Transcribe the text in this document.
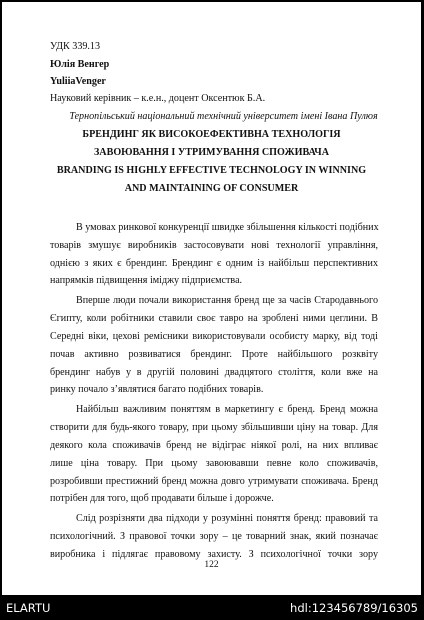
УДК 339.13
Юлія Венгер
YuliiaVenger
Науковий керівник – к.е.н., доцент Оксентюк Б.А.
Тернопільський національний технічний університет імені Івана Пулюя
БРЕНДИНГ ЯК ВИСОКОЕФЕКТИВНА ТЕХНОЛОГІЯ
ЗАВОЮВАННЯ І УТРИМУВАННЯ СПОЖИВАЧА
BRANDING IS HIGHLY EFFECTIVE TECHNOLOGY IN WINNING
AND MAINTAINING OF CONSUMER
В умовах ринкової конкуренції швидке збільшення кількості подібних
товарів змушує виробників застосовувати нові технології управління,
однією з яких є брендинг. Брендинг є одним із найбільш перспективних
напрямків підвищення іміджу підприємства.
Вперше люди почали використання бренд ще за часів Стародавнього
Єгипту, коли робітники ставили своє тавро на зроблені ними цеглини. В
Середні віки, цехові ремісники використовували особисту марку, від тоді
почав активно розвиватися брендинг. Проте найбільшого розквіту
брендинг набув у в другій половині двадцятого століття, коли вже на
ринку почало з’являтися багато подібних товарів.
Найбільш важливим поняттям в маркетингу є бренд. Бренд можна
створити для будь-якого товару, при цьому збільшивши ціну на товар. Для
деякого кола споживачів бренд не відіграє ніякої ролі, на них впливає
лише ціна товару. При цьому завоювавши певне коло споживачів,
розробивши престижний бренд можна довго утримувати споживача. Бренд
потрібен для того, щоб продавати більше і дорожче.
Слід розрізняти два підходи у розумінні поняття бренд: правовий та
психологічний. З правової точки зору – це товарний знак, який позначає
виробника і підлягає правовому захисту. З психологічної точки зору
122
ELARTU	hdl:123456789/16305
